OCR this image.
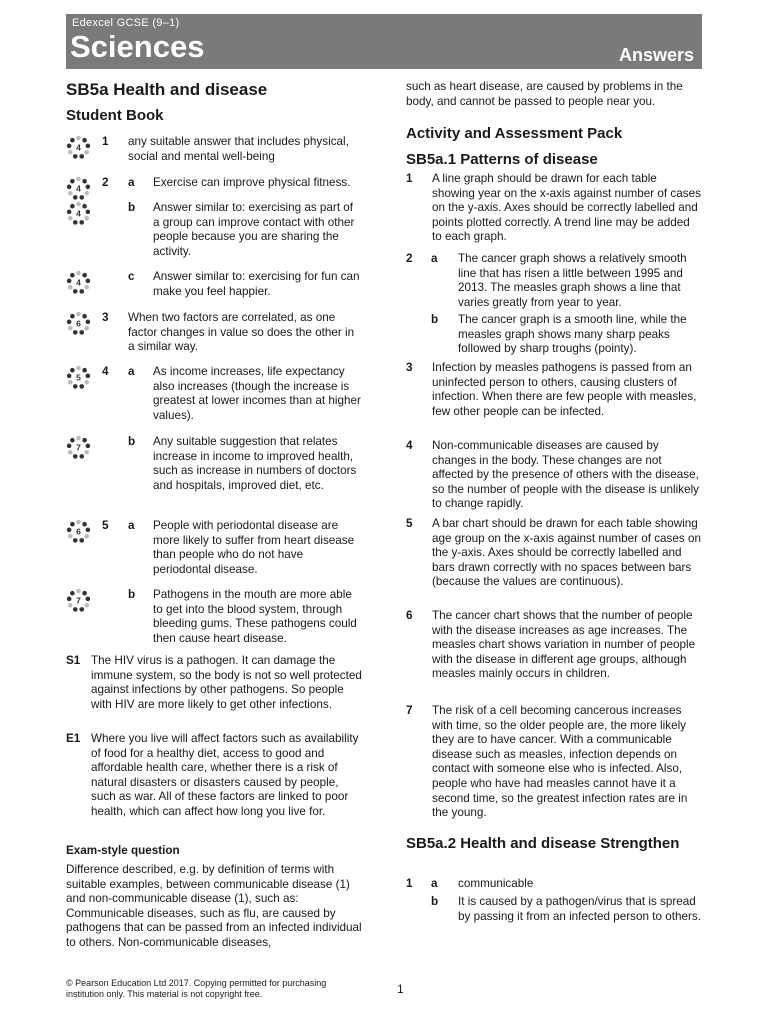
Edexcel GCSE (9–1)
Sciences	Answers
SB5a Health and disease
Student Book
4 1 any suitable answer that includes physical, social and mental well-being
4 2 a Exercise can improve physical fitness.
4	b Answer similar to: exercising as part of a group can improve contact with other people because you are sharing the activity.
4	c Answer similar to: exercising for fun can make you feel happier.
6 3 When two factors are correlated, as one factor changes in value so does the other in a similar way.
5 4 a As income increases, life expectancy also increases (though the increase is greatest at lower incomes than at higher values).
7	b Any suitable suggestion that relates increase in income to improved health, such as increase in numbers of doctors and hospitals, improved diet, etc.
6 5 a People with periodontal disease are more likely to suffer from heart disease than people who do not have periodontal disease.
7	b Pathogens in the mouth are more able to get into the blood system, through bleeding gums. These pathogens could then cause heart disease.
S1 The HIV virus is a pathogen. It can damage the immune system, so the body is not so well protected against infections by other pathogens. So people with HIV are more likely to get other infections.
E1 Where you live will affect factors such as availability of food for a healthy diet, access to good and affordable health care, whether there is a risk of natural disasters or disasters caused by people, such as war. All of these factors are linked to poor health, which can affect how long you live for.
Exam-style question
Difference described, e.g. by definition of terms with suitable examples, between communicable disease (1) and non-communicable disease (1), such as: Communicable diseases, such as flu, are caused by pathogens that can be passed from an infected individual to others. Non-communicable diseases,
such as heart disease, are caused by problems in the body, and cannot be passed to people near you.
Activity and Assessment Pack
SB5a.1 Patterns of disease
1 A line graph should be drawn for each table showing year on the x-axis against number of cases on the y-axis. Axes should be correctly labelled and points plotted correctly. A trend line may be added to each graph.
2 a The cancer graph shows a relatively smooth line that has risen a little between 1995 and 2013. The measles graph shows a line that varies greatly from year to year.
b The cancer graph is a smooth line, while the measles graph shows many sharp peaks followed by sharp troughs (pointy).
3 Infection by measles pathogens is passed from an uninfected person to others, causing clusters of infection. When there are few people with measles, few other people can be infected.
4 Non-communicable diseases are caused by changes in the body. These changes are not affected by the presence of others with the disease, so the number of people with the disease is unlikely to change rapidly.
5 A bar chart should be drawn for each table showing age group on the x-axis against number of cases on the y-axis. Axes should be correctly labelled and bars drawn correctly with no spaces between bars (because the values are continuous).
6 The cancer chart shows that the number of people with the disease increases as age increases. The measles chart shows variation in number of people with the disease in different age groups, although measles mainly occurs in children.
7 The risk of a cell becoming cancerous increases with time, so the older people are, the more likely they are to have cancer. With a communicable disease such as measles, infection depends on contact with someone else who is infected. Also, people who have had measles cannot have it a second time, so the greatest infection rates are in the young.
SB5a.2 Health and disease Strengthen
1 a communicable
b It is caused by a pathogen/virus that is spread by passing it from an infected person to others.
© Pearson Education Ltd 2017. Copying permitted for purchasing institution only. This material is not copyright free.	1
